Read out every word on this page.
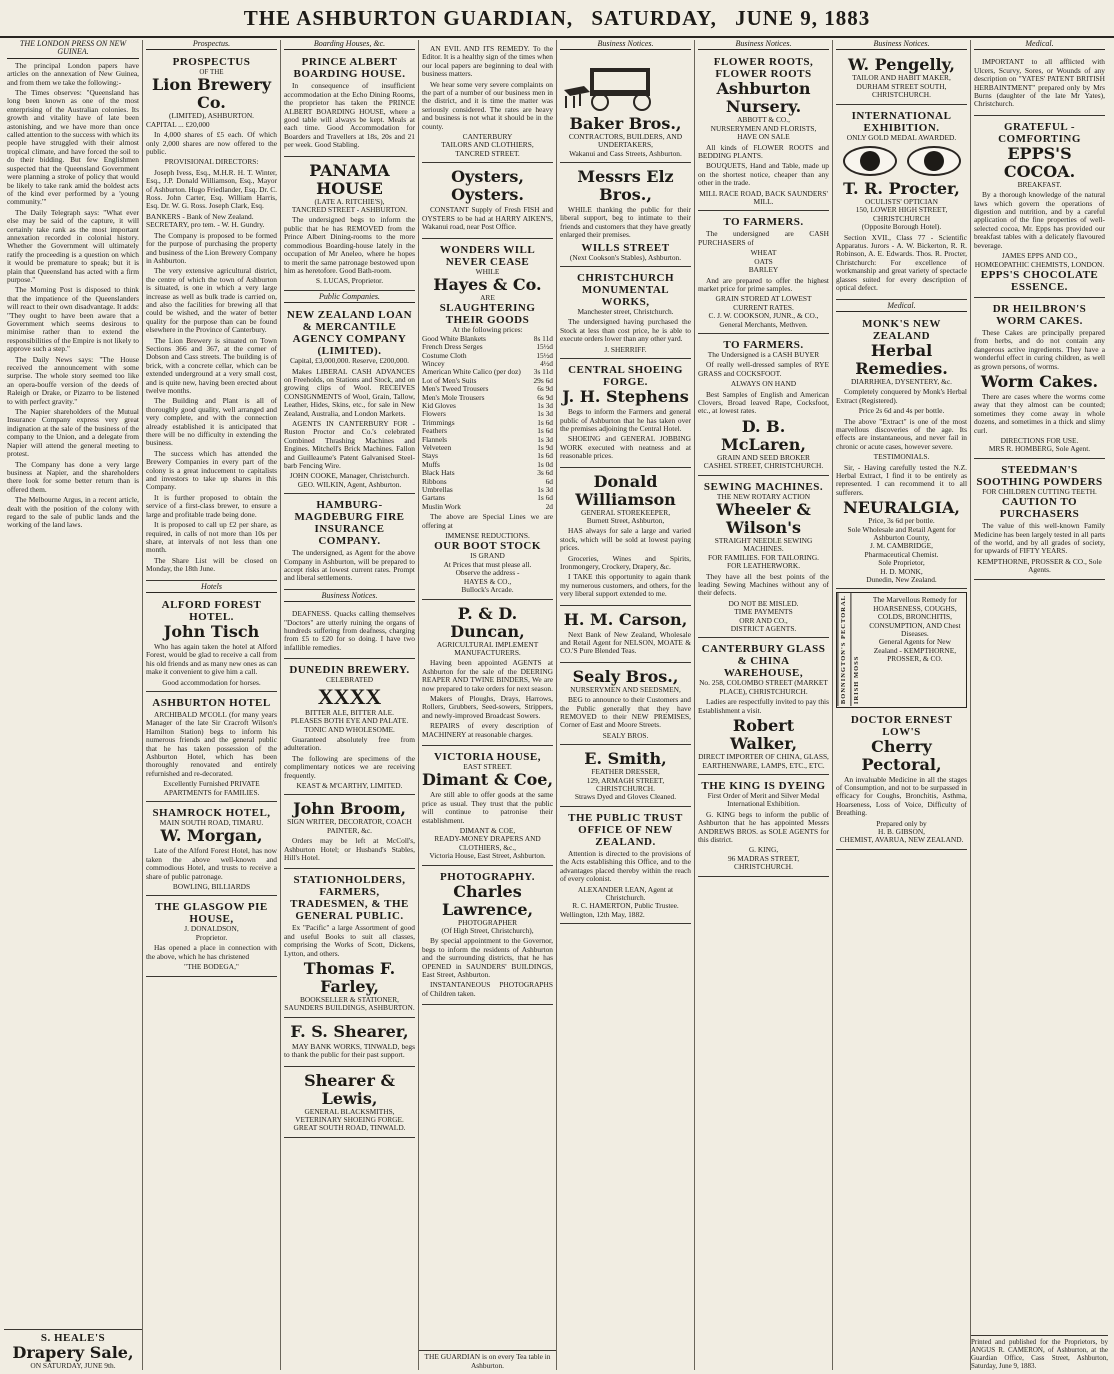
THE ASHBURTON GUARDIAN, SATURDAY, JUNE 9, 1883
THE LONDON PRESS ON NEW GUINEA.

The principal London papers have articles on the annexation of New Guinea, and from them we take the following:-

The Times observes: "Queensland has long been known as one of the most enterprising of the Australian colonies. Its growth and vitality have of late been astonishing, and we have more than once called attention to the success with which its people have struggled with their almost tropical climate, and have forced the soil to do their bidding. But few Englishmen suspected that the Queensland Government were planning a stroke of policy that would be likely to take rank amid the boldest acts of the kind ever performed by a 'young community.'"

The Daily Telegraph says: "What ever else may be said of the capture, it will certainly take rank as the most important annexation recorded in colonial history. Whether the Government will ultimately ratify the proceeding is a question on which it would be premature to speak; but it is plain that Queensland has acted with a firm purpose."

The Morning Post is disposed to think that the impatience of the Queenslanders will react to their own disadvantage. It adds: "They ought to have been aware that a Government which seems desirous to minimise rather than to extend the responsibilities of the Empire is not likely to approve such a step."

The Daily News says: "The House received the announcement with some surprise. The whole story seemed too like an opera-bouffe version of the deeds of Raleigh or Drake, or Pizarro to be listened to with perfect gravity."

The Napier shareholders of the Mutual Insurance Company express very great indignation at the sale of the business of the company to the Union, and a delegate from Napier will attend the general meeting to protest.

The Company has done a very large business at Napier, and the shareholders there look for some better return than is offered them.

The Melbourne Argus, in a recent article, dealt with the position of the colony with regard to the sale of public lands and the working of the land laws.

S. HEALE'S
Drapery Sale,
ON SATURDAY, JUNE 9th.
Prospectus.
PROSPECTUS
OF THE
Lion Brewery Co.
(LIMITED), ASHBURTON.
CAPITAL ... £20,000
In 4,000 shares of £5 each. Of which only 2,000 shares are now offered to the public.
PROVISIONAL DIRECTORS:
Joseph Ivess, Esq., M.H.R. H. T. Winter, Esq., J.P. Donald Williamson, Esq., Mayor of Ashburton. Hugo Friedlander, Esq. Dr. C. Ross. John Carter, Esq. William Harris, Esq. Dr. W. G. Ross. Joseph Clark, Esq.
BANKERS - Bank of New Zealand.
SECRETARY, pro tem. - W. H. Gundry.
The Company is proposed to be formed for the purpose of purchasing the property and business of the Lion Brewery Company in Ashburton.
The very extensive agricultural district, the centre of which the town of Ashburton is situated, is one in which a very large increase as well as bulk trade is carried on, and also the facilities for brewing all that could be wished, and the water of better quality for the purpose than can be found elsewhere in the Province of Canterbury.
The Lion Brewery is situated on Town Sections 366 and 367, at the corner of Dobson and Cass streets. The building is of brick, with a concrete cellar, which can be extended underground at a very small cost, and is quite new, having been erected about twelve months.
The Building and Plant is all of thoroughly good quality, well arranged and very complete, and with the connection already established it is anticipated that there will be no difficulty in extending the business.
The success which has attended the Brewery Companies in every part of the colony is a great inducement to capitalists and investors to take up shares in this Company.
It is further proposed to obtain the service of a first-class brewer, to ensure a large and profitable trade being done.
It is proposed to call up £2 per share, as required, in calls of not more than 10s per share, at intervals of not less than one month.
The Share List will be closed on Monday, the 18th June.
Hotels
ALFORD FOREST HOTEL.
John Tisch
Who has again taken the hotel at Alford Forest, would be glad to receive a call from his old friends and as many new ones as can make it convenient to give him a call.
Good accommodation for horses.
ASHBURTON HOTEL
ARCHIBALD M'COLL (for many years Manager of the late Sir Cracroft Wilson's Hamilton Station) begs to inform his numerous friends and the general public that he has taken possession of the Ashburton Hotel, which has been thoroughly renovated and entirely refurnished and re-decorated.
Excellently Furnished PRIVATE APARTMENTS for FAMILIES.
SHAMROCK HOTEL,
MAIN SOUTH ROAD, TIMARU.
W. Morgan,
Late of the Alford Forest Hotel, has now taken the above well-known and commodious Hotel, and trusts to receive a share of public patronage.
BOWLING, BILLIARDS
THE GLASGOW PIE HOUSE,
J. DONALDSON,
Proprietor.
Has opened a place in connection with the above, which he has christened
"THE BODEGA,"
Boarding Houses, &c.
PRINCE ALBERT BOARDING HOUSE.
In consequence of insufficient accommodation at the Echo Dining Rooms, the proprietor has taken the PRINCE ALBERT BOARDING HOUSE, where a good table will always be kept. Meals at each time. Good Accommodation for Boarders and Travellers at 18s, 20s and 21 per week. Good Stabling.
PANAMA HOUSE
(LATE A. RITCHIE'S),
TANCRED STREET - ASHBURTON.
The undersigned begs to inform the public that he has REMOVED from the Prince Albert Dining-rooms to the more commodious Boarding-house lately in the occupation of Mr Aneleo, where he hopes to merit the same patronage bestowed upon him as heretofore. Good Bath-room.
S. LUCAS, Proprietor.
Public Companies.
NEW ZEALAND LOAN & MERCANTILE AGENCY COMPANY (LIMITED).
Capital, £3,000,000. Reserve, £200,000.
Makes LIBERAL CASH ADVANCES on Freeholds, on Stations and Stock, and on growing clips of Wool. RECEIVES CONSIGNMENTS of Wool, Grain, Tallow, Leather, Hides, Skins, etc., for sale in New Zealand, Australia, and London Markets.
AGENTS IN CANTERBURY FOR - Ruston Proctor and Co.'s celebrated Combined Thrashing Machines and Engines. Mitchell's Brick Machines. Fallon and Guilleaume's Patent Galvanised Steel-barb Fencing Wire.
JOHN COOKE, Manager, Christchurch. GEO. WILKIN, Agent, Ashburton.
HAMBURG-MAGDEBURG FIRE INSURANCE COMPANY.
The undersigned, as Agent for the above Company in Ashburton, will be prepared to accept risks at lowest current rates. Prompt and liberal settlements.
Business Notices.
DEAFNESS. Quacks calling themselves "Doctors" are utterly ruining the organs of hundreds suffering from deafness, charging from £5 to £20 for so doing. I have two infallible remedies.
DUNEDIN BREWERY.
CELEBRATED
XXXX
BITTER ALE, BITTER ALE.
PLEASES BOTH EYE AND PALATE.
TONIC AND WHOLESOME.
Guaranteed absolutely free from adulteration.
The following are specimens of the complimentary notices we are receiving frequently.
KEAST & M'CARTHY, LIMITED.
John Broom,
SIGN WRITER, DECORATOR, COACH PAINTER, &c.
Orders may be left at McColl's, Ashburton Hotel; or Husband's Stables, Hill's Hotel.
STATIONHOLDERS, FARMERS, TRADESMEN, & THE GENERAL PUBLIC.
Ex "Pacific" a large Assortment of good and useful Books to suit all classes, comprising the Works of Scott, Dickens, Lytton, and others.
Thomas F. Farley,
BOOKSELLER & STATIONER, SAUNDERS BUILDINGS, ASHBURTON.
F. S. Shearer,
MAY BANK WORKS, TINWALD, begs to thank the public for their past support.
Shearer & Lewis,
GENERAL BLACKSMITHS,
VETERINARY SHOEING FORGE.
GREAT SOUTH ROAD, TINWALD.
AN EVIL AND ITS REMEDY. To the Editor. It is a healthy sign of the times when our local papers are beginning to deal with business matters.
We hear some very severe complaints on the part of a number of our business men in the district, and it is time the matter was seriously considered. The rates are heavy and business is not what it should be in the county.
CANTERBURY
TAILORS AND CLOTHIERS,
TANCRED STREET.
Oysters, Oysters.
CONSTANT Supply of Fresh FISH and OYSTERS to be had at HARRY AIKEN'S, Wakanui road, near Post Office.
WONDERS WILL NEVER CEASE
WHILE
Hayes & Co.
ARE
SLAUGHTERING THEIR GOODS
At the following prices:
Good White Blankets	8s 11d
French Dress Serges	15½d
Costume Cloth	15½d
Wincey	4½d
American White Calico (per doz) 3s 11d
Lot of Men's Suits	29s 6d
Men's Tweed Trousers	6s 9d
Men's Mole Trousers	6s 9d
Kid Gloves	1s 3d
Flowers	1s 3d
Trimmings	1s 6d
Feathers	1s 6d
Flannels	1s 3d
Velveteen	1s 9d
Stays	1s 6d
Muffs	1s 0d
Black Hats	3s 6d
Ribbons	6d
Umbrellas	1s 3d
Gartans	1s 6d
Muslin Work	2d
The above are Special Lines we are offering at
IMMENSE REDUCTIONS.
OUR BOOT STOCK
IS GRAND
At Prices that must please all.
Observe the address -
HAYES & CO.,
Bullock's Arcade.
P. & D. Duncan,
AGRICULTURAL IMPLEMENT MANUFACTURERS.
Having been appointed AGENTS at Ashburton for the sale of the DEERING REAPER AND TWINE BINDERS, We are now prepared to take orders for next season.
Makers of Ploughs, Drays, Harrows, Rollers, Grubbers, Seed-sowers, Strippers, and newly-improved Broadcast Sowers.
REPAIRS of every description of MACHINERY at reasonable charges.
VICTORIA HOUSE,
EAST STREET.
Dimant & Coe,
Are still able to offer goods at the same price as usual. They trust that the public will continue to patronise their establishment.
DIMANT & COE,
READY-MONEY DRAPERS AND CLOTHIERS, &c.,
Victoria House, East Street, Ashburton.
PHOTOGRAPHY.
Charles Lawrence,
PHOTOGRAPHER
(Of High Street, Christchurch),
By special appointment to the Governor, begs to inform the residents of Ashburton and the surrounding districts, that he has OPENED in SAUNDERS' BUILDINGS, East Street, Ashburton.
INSTANTANEOUS PHOTOGRAPHS of Children taken.
THE GUARDIAN is on every Tea table in Ashburton.
Business Notices.
Baker Bros.,
CONTRACTORS, BUILDERS, AND UNDERTAKERS,
Wakanui and Cass Streets, Ashburton.
Messrs Elz Bros.,
WHILE thanking the public for their liberal support, beg to intimate to their friends and customers that they have greatly enlarged their premises.
WILLS STREET
(Next Cookson's Stables), Ashburton.
CHRISTCHURCH MONUMENTAL WORKS,
Manchester street, Christchurch.
The undersigned having purchased the Stock at less than cost price, he is able to execute orders lower than any other yard.
J. SHERRIFF.
CENTRAL SHOEING FORGE.
J. H. Stephens
Begs to inform the Farmers and general public of Ashburton that he has taken over the premises adjoining the Central Hotel.
SHOEING and GENERAL JOBBING WORK executed with neatness and at reasonable prices.
Donald Williamson
GENERAL STOREKEEPER,
Burnett Street, Ashburton,
HAS always for sale a large and varied stock, which will be sold at lowest paying prices.
Groceries, Wines and Spirits, Ironmongery, Crockery, Drapery, &c.
I TAKE this opportunity to again thank my numerous customers, and others, for the very liberal support extended to me.
H. M. Carson,
Next Bank of New Zealand, Wholesale and Retail Agent for NELSON, MOATE & CO.'S Pure Blended Teas.
Sealy Bros.,
NURSERYMEN AND SEEDSMEN,
BEG to announce to their Customers and the Public generally that they have REMOVED to their NEW PREMISES, Corner of East and Moore Streets.
SEALY BROS.
E. Smith,
FEATHER DRESSER,
129, ARMAGH STREET, CHRISTCHURCH.
Straws Dyed and Gloves Cleaned.
THE PUBLIC TRUST OFFICE OF NEW ZEALAND.
Attention is directed to the provisions of the Acts establishing this Office, and to the advantages placed thereby within the reach of every colonist.
ALEXANDER LEAN, Agent at Christchurch.
R. C. HAMERTON, Public Trustee.
Wellington, 12th May, 1882.
Business Notices.
FLOWER ROOTS, FLOWER ROOTS
Ashburton Nursery.
ABBOTT & CO.,
NURSERYMEN AND FLORISTS,
HAVE ON SALE
All kinds of FLOWER ROOTS and BEDDING PLANTS.
BOUQUETS, Hand and Table, made up on the shortest notice, cheaper than any other in the trade.
MILL RACE ROAD, BACK SAUNDERS' MILL.
TO FARMERS.
The undersigned are CASH PURCHASERS of
WHEAT
OATS
BARLEY
And are prepared to offer the highest market price for prime samples.
GRAIN STORED AT LOWEST CURRENT RATES.
C. J. W. COOKSON, JUNR., & CO.,
General Merchants, Methven.
TO FARMERS.
The Undersigned is a CASH BUYER
Of really well-dressed samples of RYE GRASS and COCKSFOOT.
ALWAYS ON HAND
Best Samples of English and American Clovers, Broad leaved Rape, Cocksfoot, etc., at lowest rates.
D. B. McLaren,
GRAIN AND SEED BROKER
CASHEL STREET, CHRISTCHURCH.
SEWING MACHINES.
THE NEW ROTARY ACTION
Wheeler & Wilson's
STRAIGHT NEEDLE SEWING MACHINES.
FOR FAMILIES. FOR TAILORING.
FOR LEATHERWORK.
They have all the best points of the leading Sewing Machines without any of their defects.
DO NOT BE MISLED.
TIME PAYMENTS
ORR AND CO.,
DISTRICT AGENTS.
CANTERBURY GLASS & CHINA WAREHOUSE,
No. 258, COLOMBO STREET (MARKET PLACE), CHRISTCHURCH.
Ladies are respectfully invited to pay this Establishment a visit.
Robert Walker,
DIRECT IMPORTER OF CHINA, GLASS, EARTHENWARE, LAMPS, ETC., ETC.
THE KING IS DYEING
First Order of Merit and Silver Medal International Exhibition.
G. KING begs to inform the public of Ashburton that he has appointed Messrs ANDREWS BROS. as SOLE AGENTS for this district.
G. KING,
96 MADRAS STREET, CHRISTCHURCH.
Business Notices.
W. Pengelly,
TAILOR AND HABIT MAKER,
DURHAM STREET SOUTH, CHRISTCHURCH.
INTERNATIONAL EXHIBITION.
ONLY GOLD MEDAL AWARDED.
T. R. Procter,
OCULISTS' OPTICIAN
150, LOWER HIGH STREET, CHRISTCHURCH
(Opposite Borough Hotel).
Section XVII., Class 77 - Scientific Apparatus. Jurors - A. W. Bickerton, R. R. Robinson, A. E. Edwards. Thos. R. Procter, Christchurch: For excellence of workmanship and great variety of spectacle glasses suited for every description of optical defect.
Medical.
MONK'S NEW ZEALAND
Herbal Remedies.
DIARRHŒA, DYSENTERY, &c.
Completely conquered by Monk's Herbal Extract (Registered).
Price 2s 6d and 4s per bottle.
The above "Extract" is one of the most marvellous discoveries of the age. Its effects are instantaneous, and never fail in chronic or acute cases, however severe.
TESTIMONIALS.
Sir, - Having carefully tested the N.Z. Herbal Extract, I find it to be entirely as represented. I can recommend it to all sufferers.
NEURALGIA,
Price, 3s 6d per bottle.
Sole Wholesale and Retail Agent for Ashburton County,
J. M. CAMBRIDGE,
Pharmaceutical Chemist.
Sole Proprietor,
H. D. MONK,
Dunedin, New Zealand.
BONNINGTON'S PECTORAL IRISH MOSS
The Marvellous Remedy for
HOARSENESS, COUGHS, COLDS, BRONCHITIS, CONSUMPTION, AND Chest Diseases.
General Agents for New Zealand - KEMPTHORNE, PROSSER, & CO.
DOCTOR ERNEST LOW'S
Cherry Pectoral,
An invaluable Medicine in all the stages of Consumption, and not to be surpassed in efficacy for Coughs, Bronchitis, Asthma, Hoarseness, Loss of Voice, Difficulty of Breathing.
Prepared only by
H. B. GIBSON,
CHEMIST, AVARUA, NEW ZEALAND.
Medical.
IMPORTANT to all afflicted with Ulcers, Scurvy, Sores, or Wounds of any description on "YATES' PATENT BRITISH HERBAINTMENT" prepared only by Mrs Burns (daughter of the late Mr Yates), Christchurch.
GRATEFUL - COMFORTING
EPPS'S COCOA.
BREAKFAST.
By a thorough knowledge of the natural laws which govern the operations of digestion and nutrition, and by a careful application of the fine properties of well-selected cocoa, Mr. Epps has provided our breakfast tables with a delicately flavoured beverage.
JAMES EPPS AND CO.,
HOMŒOPATHIC CHEMISTS, LONDON.
EPPS'S CHOCOLATE ESSENCE.
DR HEILBRON'S WORM CAKES.
These Cakes are principally prepared from herbs, and do not contain any dangerous active ingredients. They have a wonderful effect in curing children, as well as grown persons, of worms.
Worm Cakes.
There are cases where the worms come away that they almost can be counted; sometimes they come away in whole dozens, and sometimes in a thick and slimy curl.
DIRECTIONS FOR USE.
MRS R. HOMBERG, Sole Agent.
STEEDMAN'S SOOTHING POWDERS
FOR CHILDREN CUTTING TEETH.
CAUTION TO PURCHASERS
The value of this well-known Family Medicine has been largely tested in all parts of the world, and by all grades of society, for upwards of FIFTY YEARS.
KEMPTHORNE, PROSSER & CO., Sole Agents.
Printed and published for the Proprietors, by ANGUS R. CAMERON, of Ashburton, at the Guardian Office, Cass Street, Ashburton, Saturday, June 9, 1883.
